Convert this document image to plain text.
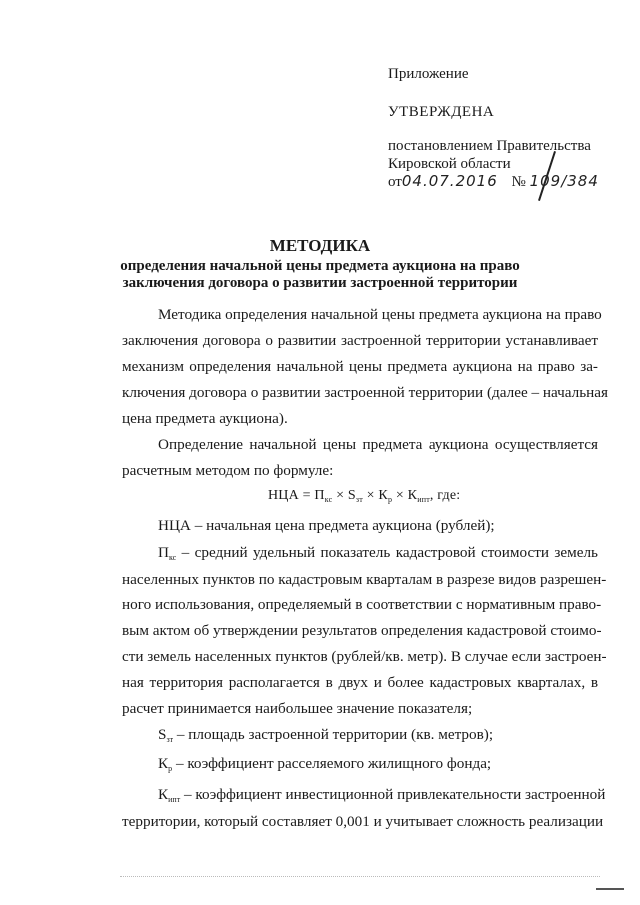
Приложение
УТВЕРЖДЕНА
постановлением Правительства
Кировской области
от04.07.2016 № 109/384
МЕТОДИКА
определения начальной цены предмета аукциона на право
заключения договора о развитии застроенной территории
Методика определения начальной цены предмета аукциона на право
заключения договора о развитии застроенной территории устанавливает
механизм определения начальной цены предмета аукциона на право за-
ключения договора о развитии застроенной территории (далее – начальная
цена предмета аукциона).
Определение начальной цены предмета аукциона осуществляется
расчетным методом по формуле:
НЦА = $П_{кс} \times S_{зт} \times К_р \times К_{ипт}$, где:
НЦА – начальная цена предмета аукциона (рублей);
$П_{кс}$ – средний удельный показатель кадастровой стоимости земель
населенных пунктов по кадастровым кварталам в разрезе видов разрешен-
ного использования, определяемый в соответствии с нормативным право-
вым актом об утверждении результатов определения кадастровой стоимо-
сти земель населенных пунктов (рублей/кв. метр). В случае если застроен-
ная территория располагается в двух и более кадастровых кварталах, в
расчет принимается наибольшее значение показателя;
$S_{зт}$ – площадь застроенной территории (кв. метров);
$К_р$ – коэффициент расселяемого жилищного фонда;
$К_{ипт}$ – коэффициент инвестиционной привлекательности застроенной
территории, который составляет 0,001 и учитывает сложность реализации
